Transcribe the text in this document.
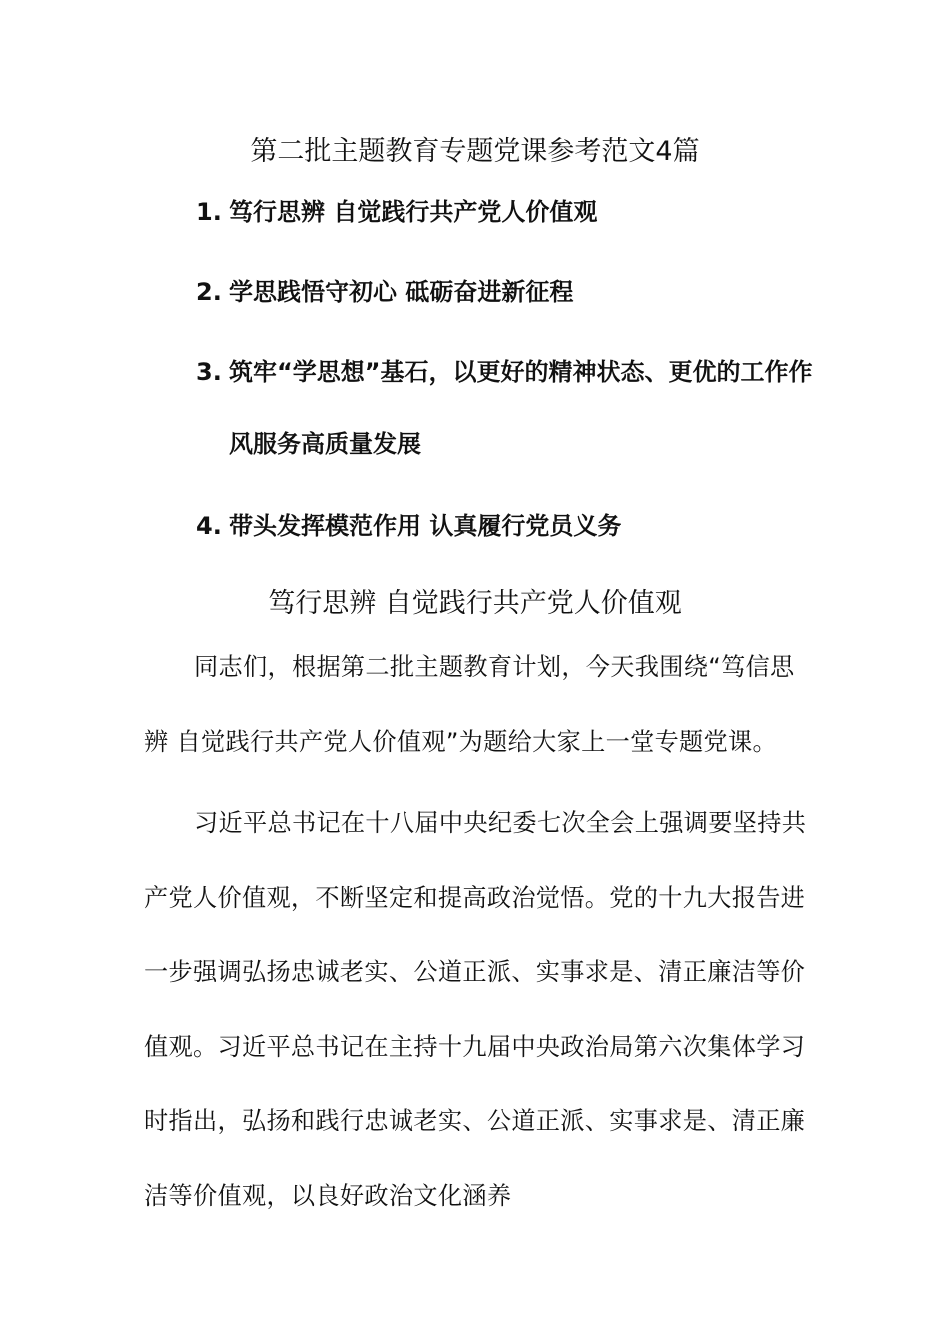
第二批主题教育专题党课参考范文4篇
1. 笃行思辨 自觉践行共产党人价值观
2. 学思践悟守初心 砥砺奋进新征程
3. 筑牢“学思想”基石，以更好的精神状态、更优的工作作风服务高质量发展
4. 带头发挥模范作用 认真履行党员义务
笃行思辨 自觉践行共产党人价值观
同志们，根据第二批主题教育计划，今天我围绕“笃信思辨 自觉践行共产党人价值观”为题给大家上一堂专题党课。
习近平总书记在十八届中央纪委七次全会上强调要坚持共产党人价值观，不断坚定和提高政治觉悟。党的十九大报告进一步强调弘扬忠诚老实、公道正派、实事求是、清正廉洁等价值观。习近平总书记在主持十九届中央政治局第六次集体学习时指出，弘扬和践行忠诚老实、公道正派、实事求是、清正廉洁等价值观，以良好政治文化涵养
